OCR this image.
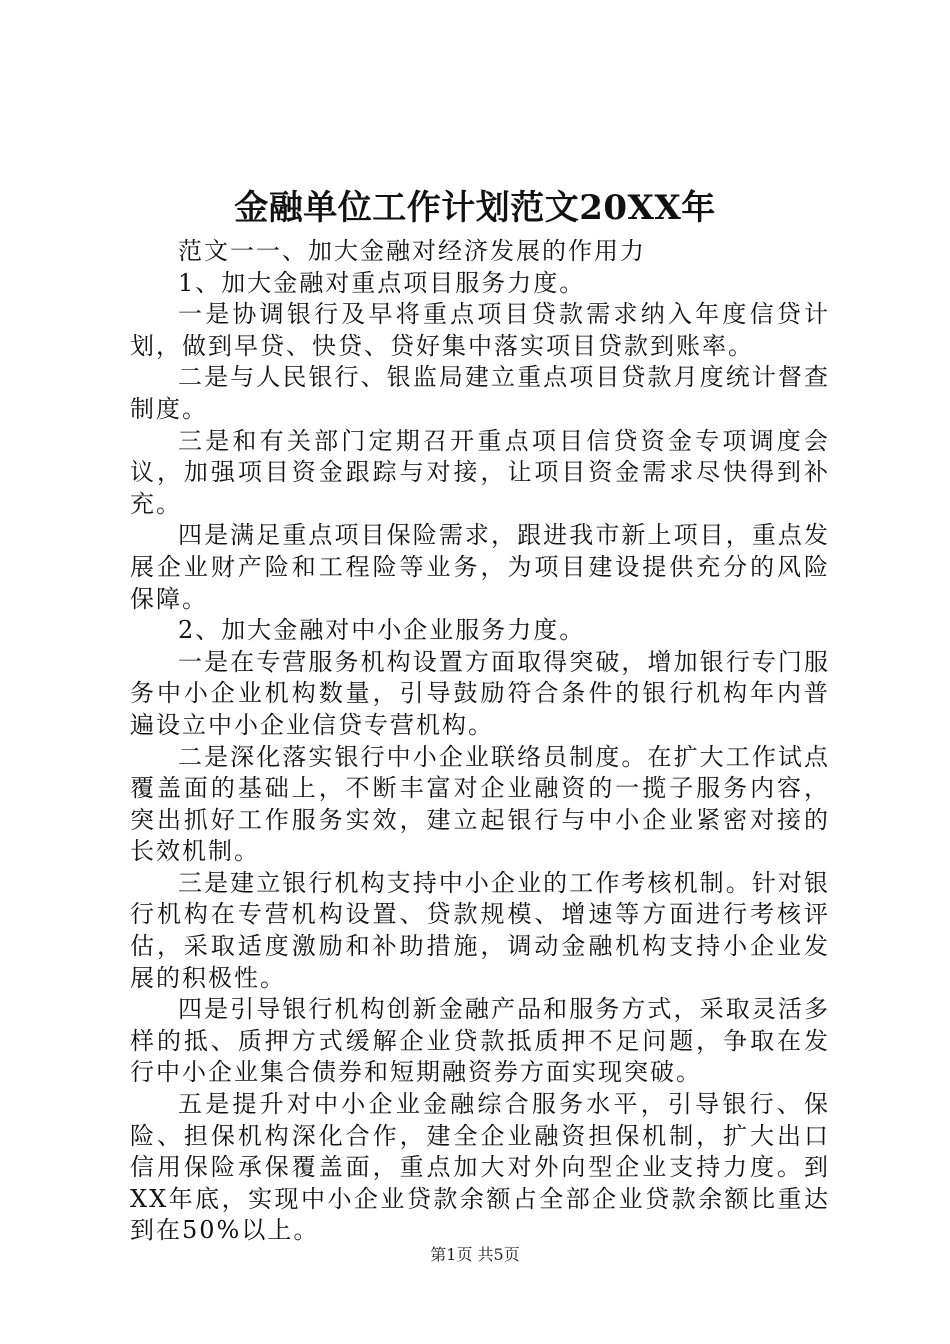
金融单位工作计划范文20XX年

范文一一、加大金融对经济发展的作用力

1、加大金融对重点项目服务力度。

一是协调银行及早将重点项目贷款需求纳入年度信贷计划，做到早贷、快贷、贷好集中落实项目贷款到账率。

二是与人民银行、银监局建立重点项目贷款月度统计督查制度。

三是和有关部门定期召开重点项目信贷资金专项调度会议，加强项目资金跟踪与对接，让项目资金需求尽快得到补充。

四是满足重点项目保险需求，跟进我市新上项目，重点发展企业财产险和工程险等业务，为项目建设提供充分的风险保障。

2、加大金融对中小企业服务力度。

一是在专营服务机构设置方面取得突破，增加银行专门服务中小企业机构数量，引导鼓励符合条件的银行机构年内普遍设立中小企业信贷专营机构。

二是深化落实银行中小企业联络员制度。在扩大工作试点覆盖面的基础上，不断丰富对企业融资的一揽子服务内容，突出抓好工作服务实效，建立起银行与中小企业紧密对接的长效机制。

三是建立银行机构支持中小企业的工作考核机制。针对银行机构在专营机构设置、贷款规模、增速等方面进行考核评估，采取适度激励和补助措施，调动金融机构支持小企业发展的积极性。

四是引导银行机构创新金融产品和服务方式，采取灵活多样的抵、质押方式缓解企业贷款抵质押不足问题，争取在发行中小企业集合债券和短期融资券方面实现突破。

五是提升对中小企业金融综合服务水平，引导银行、保险、担保机构深化合作，建全企业融资担保机制，扩大出口信用保险承保覆盖面，重点加大对外向型企业支持力度。到XX年底，实现中小企业贷款余额占全部企业贷款余额比重达到在50%以上。

第1页 共5页
